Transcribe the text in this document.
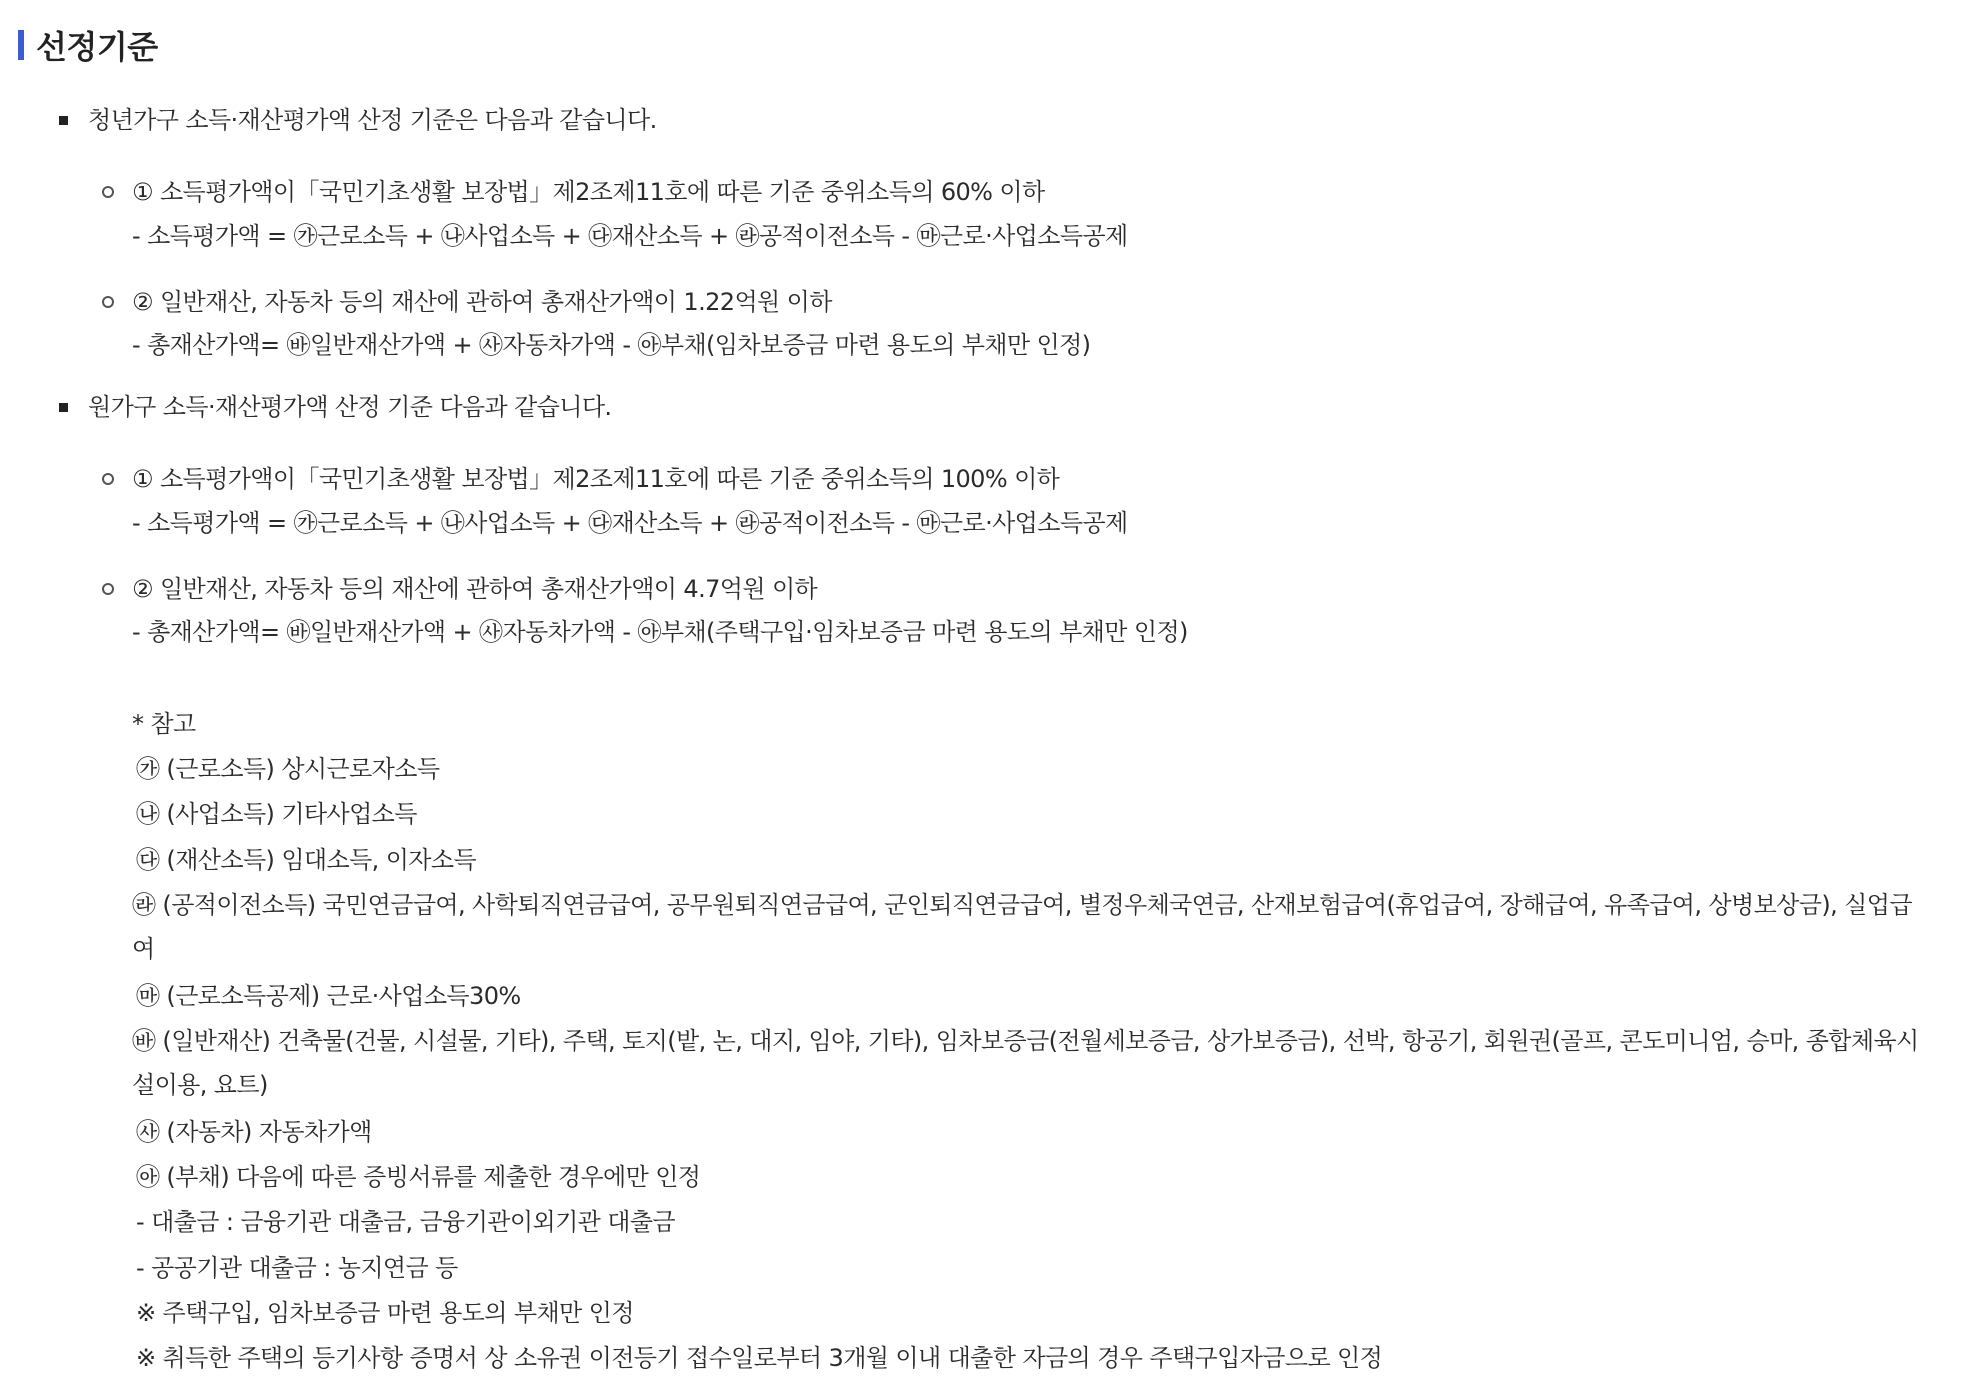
선정기준
청년가구 소득·재산평가액 산정 기준은 다음과 같습니다.
① 소득평가액이「국민기초생활 보장법」제2조제11호에 따른 기준 중위소득의 60% 이하
- 소득평가액 = ㉮근로소득 + ㉯사업소득 + ㉰재산소득 + ㉱공적이전소득 - ㉲근로·사업소득공제
② 일반재산, 자동차 등의 재산에 관하여 총재산가액이 1.22억원 이하
- 총재산가액= ㉳일반재산가액 + ㉴자동차가액 - ㉵부채(임차보증금 마련 용도의 부채만 인정)
원가구 소득·재산평가액 산정 기준 다음과 같습니다.
① 소득평가액이「국민기초생활 보장법」제2조제11호에 따른 기준 중위소득의 100% 이하
- 소득평가액 = ㉮근로소득 + ㉯사업소득 + ㉰재산소득 + ㉱공적이전소득 - ㉲근로·사업소득공제
② 일반재산, 자동차 등의 재산에 관하여 총재산가액이 4.7억원 이하
- 총재산가액= ㉳일반재산가액 + ㉴자동차가액 - ㉵부채(주택구입·임차보증금 마련 용도의 부채만 인정)
* 참고
㉮ (근로소득) 상시근로자소득
㉯ (사업소득) 기타사업소득
㉰ (재산소득) 임대소득, 이자소득
㉱ (공적이전소득) 국민연금급여, 사학퇴직연금급여, 공무원퇴직연금급여, 군인퇴직연금급여, 별정우체국연금, 산재보험급여(휴업급여, 장해급여, 유족급여, 상병보상금), 실업급여
㉲ (근로소득공제) 근로·사업소득30%
㉳ (일반재산) 건축물(건물, 시설물, 기타), 주택, 토지(밭, 논, 대지, 임야, 기타), 임차보증금(전월세보증금, 상가보증금), 선박, 항공기, 회원권(골프, 콘도미니엄, 승마, 종합체육시설이용, 요트)
㉴ (자동차) 자동차가액
㉵ (부채) 다음에 따른 증빙서류를 제출한 경우에만 인정
- 대출금 : 금융기관 대출금, 금융기관이외기관 대출금
- 공공기관 대출금 : 농지연금 등
※ 주택구입, 임차보증금 마련 용도의 부채만 인정
※ 취득한 주택의 등기사항 증명서 상 소유권 이전등기 접수일로부터 3개월 이내 대출한 자금의 경우 주택구입자금으로 인정
